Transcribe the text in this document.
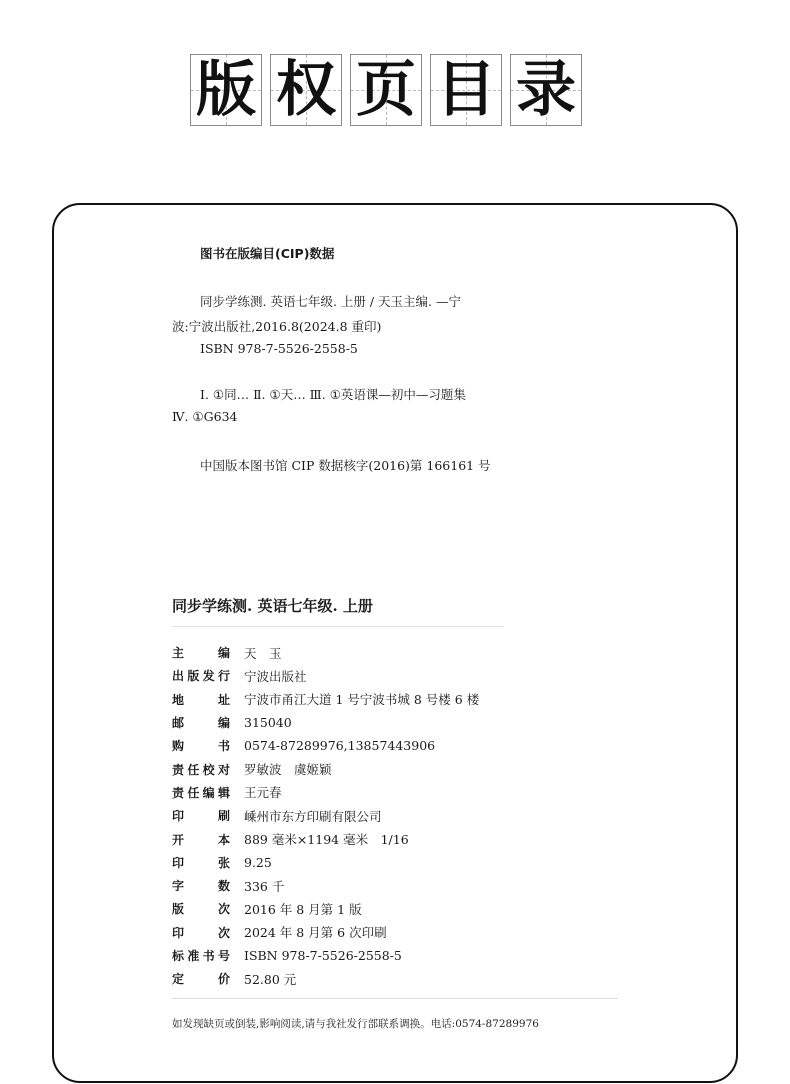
版 权 页 目 录
图书在版编目(CIP)数据
同步学练测. 英语七年级. 上册 / 天玉主编. —宁
波:宁波出版社,2016.8(2024.8 重印)
ISBN 978-7-5526-2558-5
Ⅰ. ①同… Ⅱ. ①天… Ⅲ. ①英语课—初中—习题集
Ⅳ. ①G634
中国版本图书馆 CIP 数据核字(2016)第 166161 号
同步学练测. 英语七年级. 上册
主	编 天　玉
出 版 发 行 宁波出版社
地	址 宁波市甬江大道 1 号宁波书城 8 号楼 6 楼
邮	编 315040
购	书 0574-87289976,13857443906
责 任 校 对 罗敏波　虞姬颖
责 任 编 辑 王元春
印	刷 嵊州市东方印刷有限公司
开	本 889 毫米×1194 毫米　1/16
印	张 9.25
字	数 336 千
版	次 2016 年 8 月第 1 版
印	次 2024 年 8 月第 6 次印刷
标 准 书 号 ISBN 978-7-5526-2558-5
定	价 52.80 元
如发现缺页或倒装,影响阅读,请与我社发行部联系调换。电话:0574-87289976
